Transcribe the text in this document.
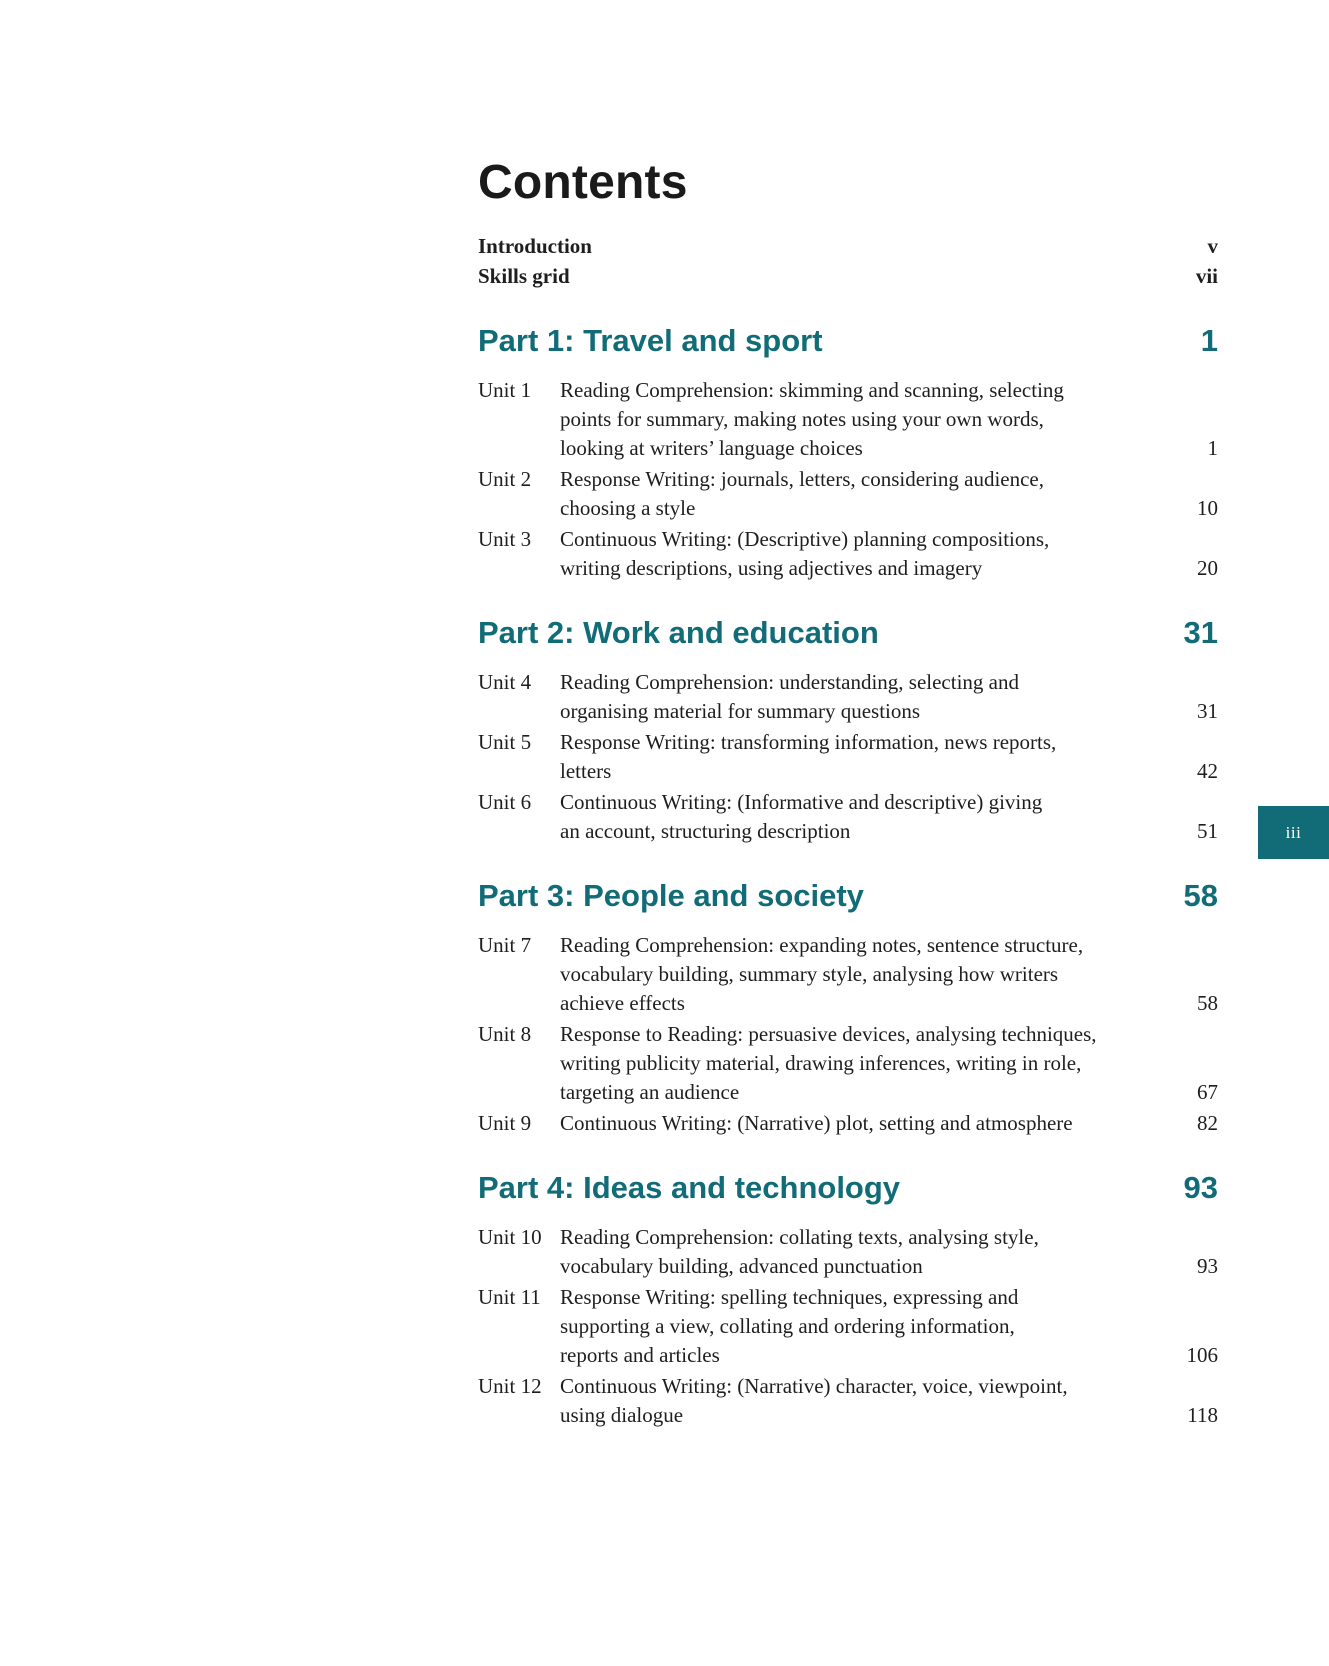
Contents
Introduction	v
Skills grid	vii
Part 1: Travel and sport	1
Unit 1	Reading Comprehension: skimming and scanning, selecting
points for summary, making notes using your own words,
looking at writers’ language choices	1
Unit 2	Response Writing: journals, letters, considering audience,
choosing a style	10
Unit 3	Continuous Writing: (Descriptive) planning compositions,
writing descriptions, using adjectives and imagery	20
Part 2: Work and education	31
Unit 4	Reading Comprehension: understanding, selecting and
organising material for summary questions	31
Unit 5	Response Writing: transforming information, news reports,
letters	42
Unit 6	Continuous Writing: (Informative and descriptive) giving
an account, structuring description	51
Part 3: People and society	58
Unit 7	Reading Comprehension: expanding notes, sentence structure,
vocabulary building, summary style, analysing how writers
achieve effects	58
Unit 8	Response to Reading: persuasive devices, analysing techniques,
writing publicity material, drawing inferences, writing in role,
targeting an audience	67
Unit 9	Continuous Writing: (Narrative) plot, setting and atmosphere	82
Part 4: Ideas and technology	93
Unit 10 Reading Comprehension: collating texts, analysing style,
vocabulary building, advanced punctuation	93
Unit 11 Response Writing: spelling techniques, expressing and
supporting a view, collating and ordering information,
reports and articles	106
Unit 12 Continuous Writing: (Narrative) character, voice, viewpoint,
using dialogue	118
iii
